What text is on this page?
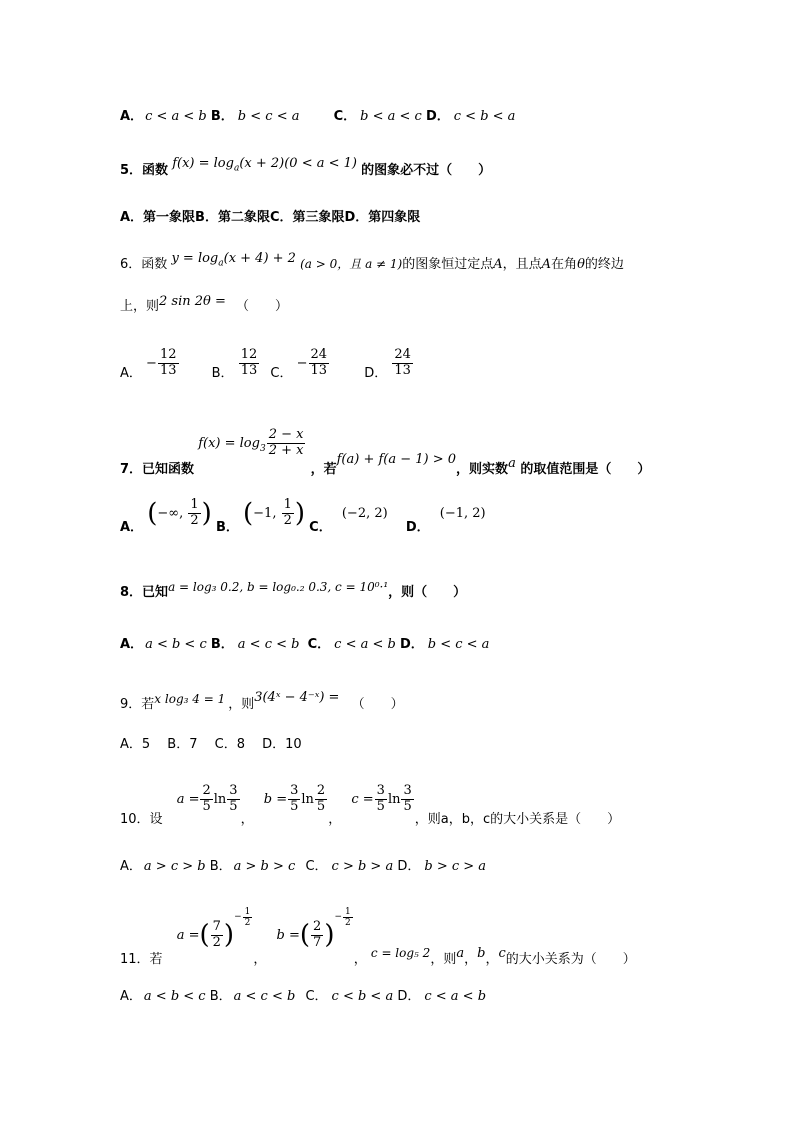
A． c < a < b B． b < c < a	C． b < a < c D． c < b < a
5．函数 $f(x) = \log_a(x + 2)(0 < a < 1)$ 的图象必不过（　　）
A．第一象限B．第二象限C．第三象限D．第四象限
6．函数 $y = \log_a(x + 4) + 2$ (a > 0，且 a ≠ 1)的图象恒过定点A，且点A在角θ的终边
上，则2 sin 2θ = （　　）
A． − $\frac{12}{13}$	B． $\frac{12}{13}$ C． − $\frac{24}{13}$	D． $\frac{24}{13}$
7．已知函数
$f(x) = \log_3 \frac{2 - x}{2 + x}$
，若f(a) + f(a − 1) > 0，则实数a 的取值范围是（　　）
A． (−∞, $\frac{1}{2}$ ) B． (−1, $\frac{1}{2}$ ) C． (−2, 2) D． (−1, 2)
8．已知a = log₃ 0.2, b = log₀.₂ 0.3, c = 10⁰·¹，则（　　）
A． a < b < c B． a < c < b C． c < a < b D． b < c < a
9．若x log₃ 4 = 1 ，则3(4ˣ − 4⁻ˣ) = （　　）
A．5　 B．7　 C．8　 D．10
10．设
$a = \frac{2}{5}$ $\ln \frac{3}{5}$
，
$b = \frac{3}{5}$ $\ln \frac{2}{5}$
，
$c = \frac{3}{5}$ $\ln \frac{3}{5}$
，则a，b，c的大小关系是（　　）
A． a > c > b B． a > b > c C． c > b > a D． b > c > a
11．若
a = ( $\frac{7}{2}$ )
− $\frac{1}{2}$
，
b = ( $\frac{2}{7}$ )
− $\frac{1}{2}$
， c = log₅ 2，则a，b，c的大小关系为（　　）
A． a < b < c B． a < c < b C． c < b < a D． c < a < b
